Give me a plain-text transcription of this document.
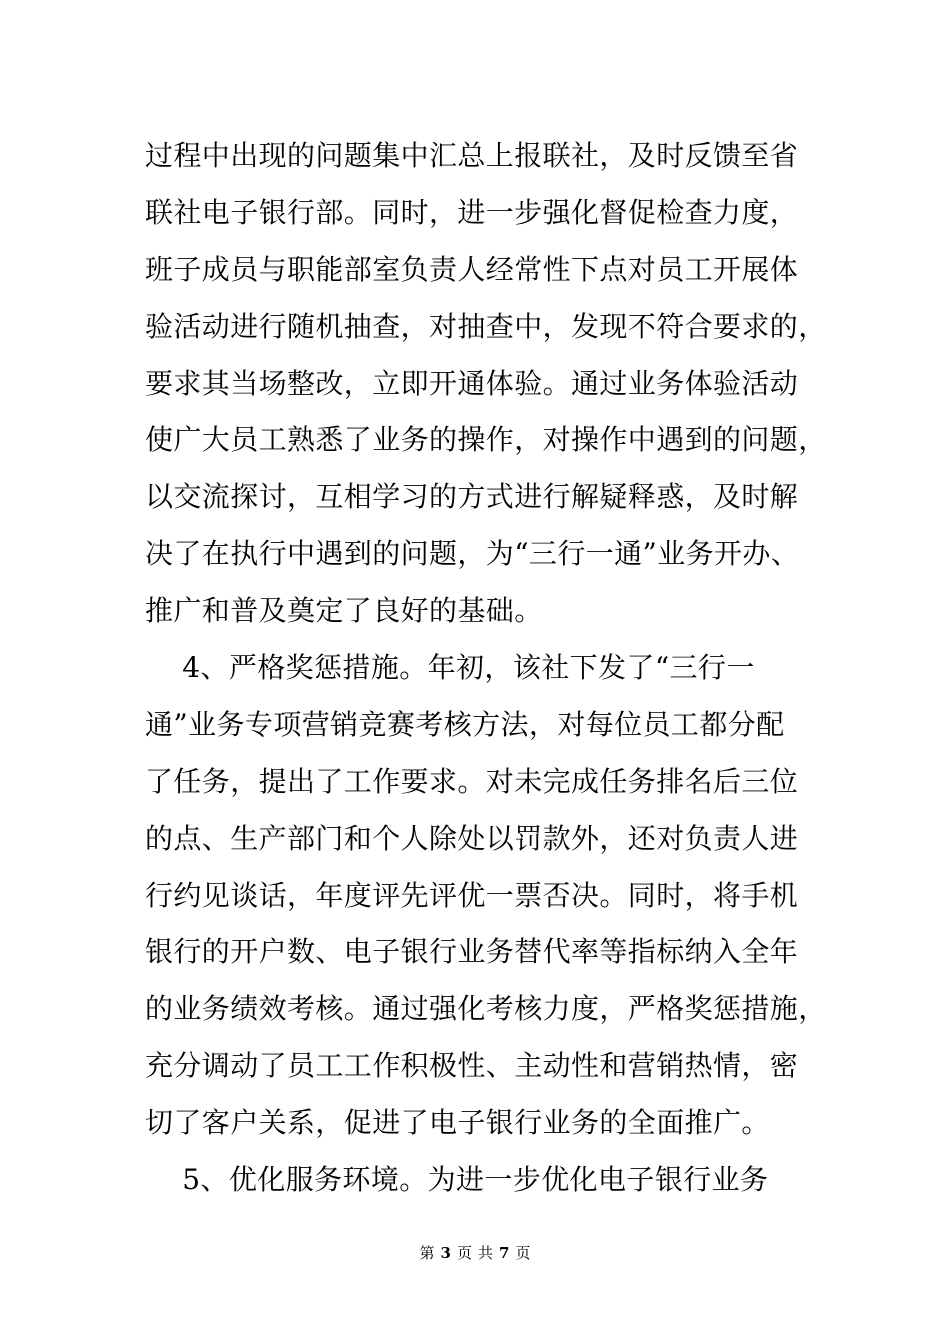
过程中出现的问题集中汇总上报联社，及时反馈至省
联社电子银行部。同时，进一步强化督促检查力度，
班子成员与职能部室负责人经常性下点对员工开展体
验活动进行随机抽查，对抽查中，发现不符合要求的，
要求其当场整改，立即开通体验。通过业务体验活动
使广大员工熟悉了业务的操作，对操作中遇到的问题，
以交流探讨，互相学习的方式进行解疑释惑，及时解
决了在执行中遇到的问题，为“三行一通”业务开办、
推广和普及奠定了良好的基础。
4、严格奖惩措施。年初，该社下发了“三行一
通”业务专项营销竞赛考核方法，对每位员工都分配
了任务，提出了工作要求。对未完成任务排名后三位
的点、生产部门和个人除处以罚款外，还对负责人进
行约见谈话，年度评先评优一票否决。同时，将手机
银行的开户数、电子银行业务替代率等指标纳入全年
的业务绩效考核。通过强化考核力度，严格奖惩措施，
充分调动了员工工作积极性、主动性和营销热情，密
切了客户关系，促进了电子银行业务的全面推广。
5、优化服务环境。为进一步优化电子银行业务
第 3 页 共 7 页
